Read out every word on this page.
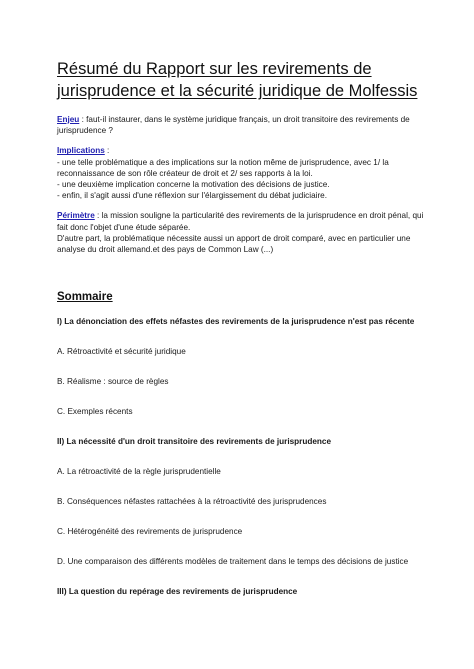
Résumé du Rapport sur les revirements de jurisprudence et la sécurité juridique de Molfessis

Enjeu : faut-il instaurer, dans le système juridique français, un droit transitoire des revirements de jurisprudence ?

Implications :

- une telle problématique a des implications sur la notion même de jurisprudence, avec 1/ la reconnaissance de son rôle créateur de droit et 2/ ses rapports à la loi.

- une deuxième implication concerne la motivation des décisions de justice.

- enfin, il s'agit aussi d'une réflexion sur l'élargissement du débat judiciaire.

Périmètre : la mission souligne la particularité des revirements de la jurisprudence en droit pénal, qui fait donc l'objet d'une étude séparée.

D'autre part, la problématique nécessite aussi un apport de droit comparé, avec en particulier une analyse du droit allemand.et des pays de Common Law (...)

Sommaire
I) La dénonciation des effets néfastes des revirements de la jurisprudence n'est pas récente
A. Rétroactivité et sécurité juridique
B. Réalisme : source de règles
C. Exemples récents
II) La nécessité d'un droit transitoire des revirements de jurisprudence
A. La rétroactivité de la règle jurisprudentielle
B. Conséquences néfastes rattachées à la rétroactivité des jurisprudences
C. Hétérogénéité des revirements de jurisprudence
D. Une comparaison des différents modèles de traitement dans le temps des décisions de justice
III) La question du repérage des revirements de jurisprudence
